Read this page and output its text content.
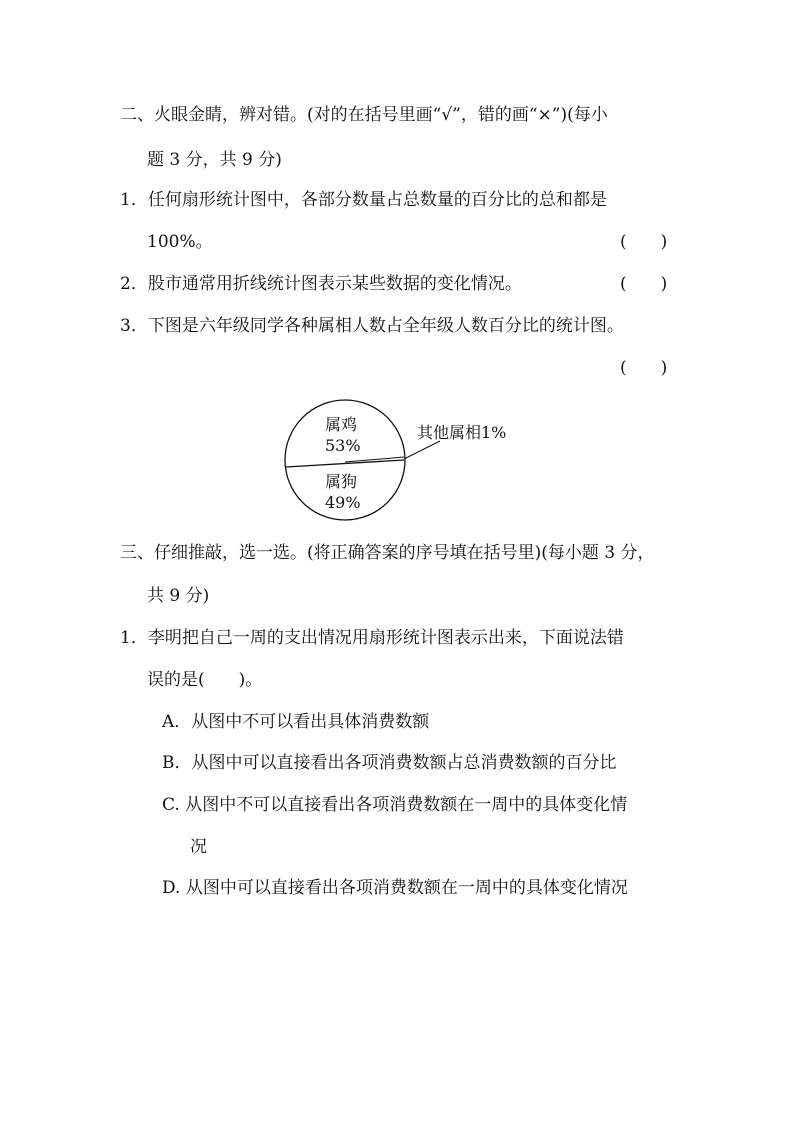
二、火眼金睛，辨对错。(对的在括号里画“√”，错的画“×”)(每小
题 3 分，共 9 分)
1．任何扇形统计图中，各部分数量占总数量的百分比的总和都是
100%。	(　　)
2．股市通常用折线统计图表示某些数据的变化情况。	(　　)
3．下图是六年级同学各种属相人数占全年级人数百分比的统计图。
(　　)
属鸡
53%
属狗
49%
其他属相1%
三、仔细推敲，选一选。(将正确答案的序号填在括号里)(每小题 3 分，
共 9 分)
1．李明把自己一周的支出情况用扇形统计图表示出来，下面说法错
误的是(　　)。
A．从图中不可以看出具体消费数额
B．从图中可以直接看出各项消费数额占总消费数额的百分比
C. 从图中不可以直接看出各项消费数额在一周中的具体变化情
况
D. 从图中可以直接看出各项消费数额在一周中的具体变化情况
